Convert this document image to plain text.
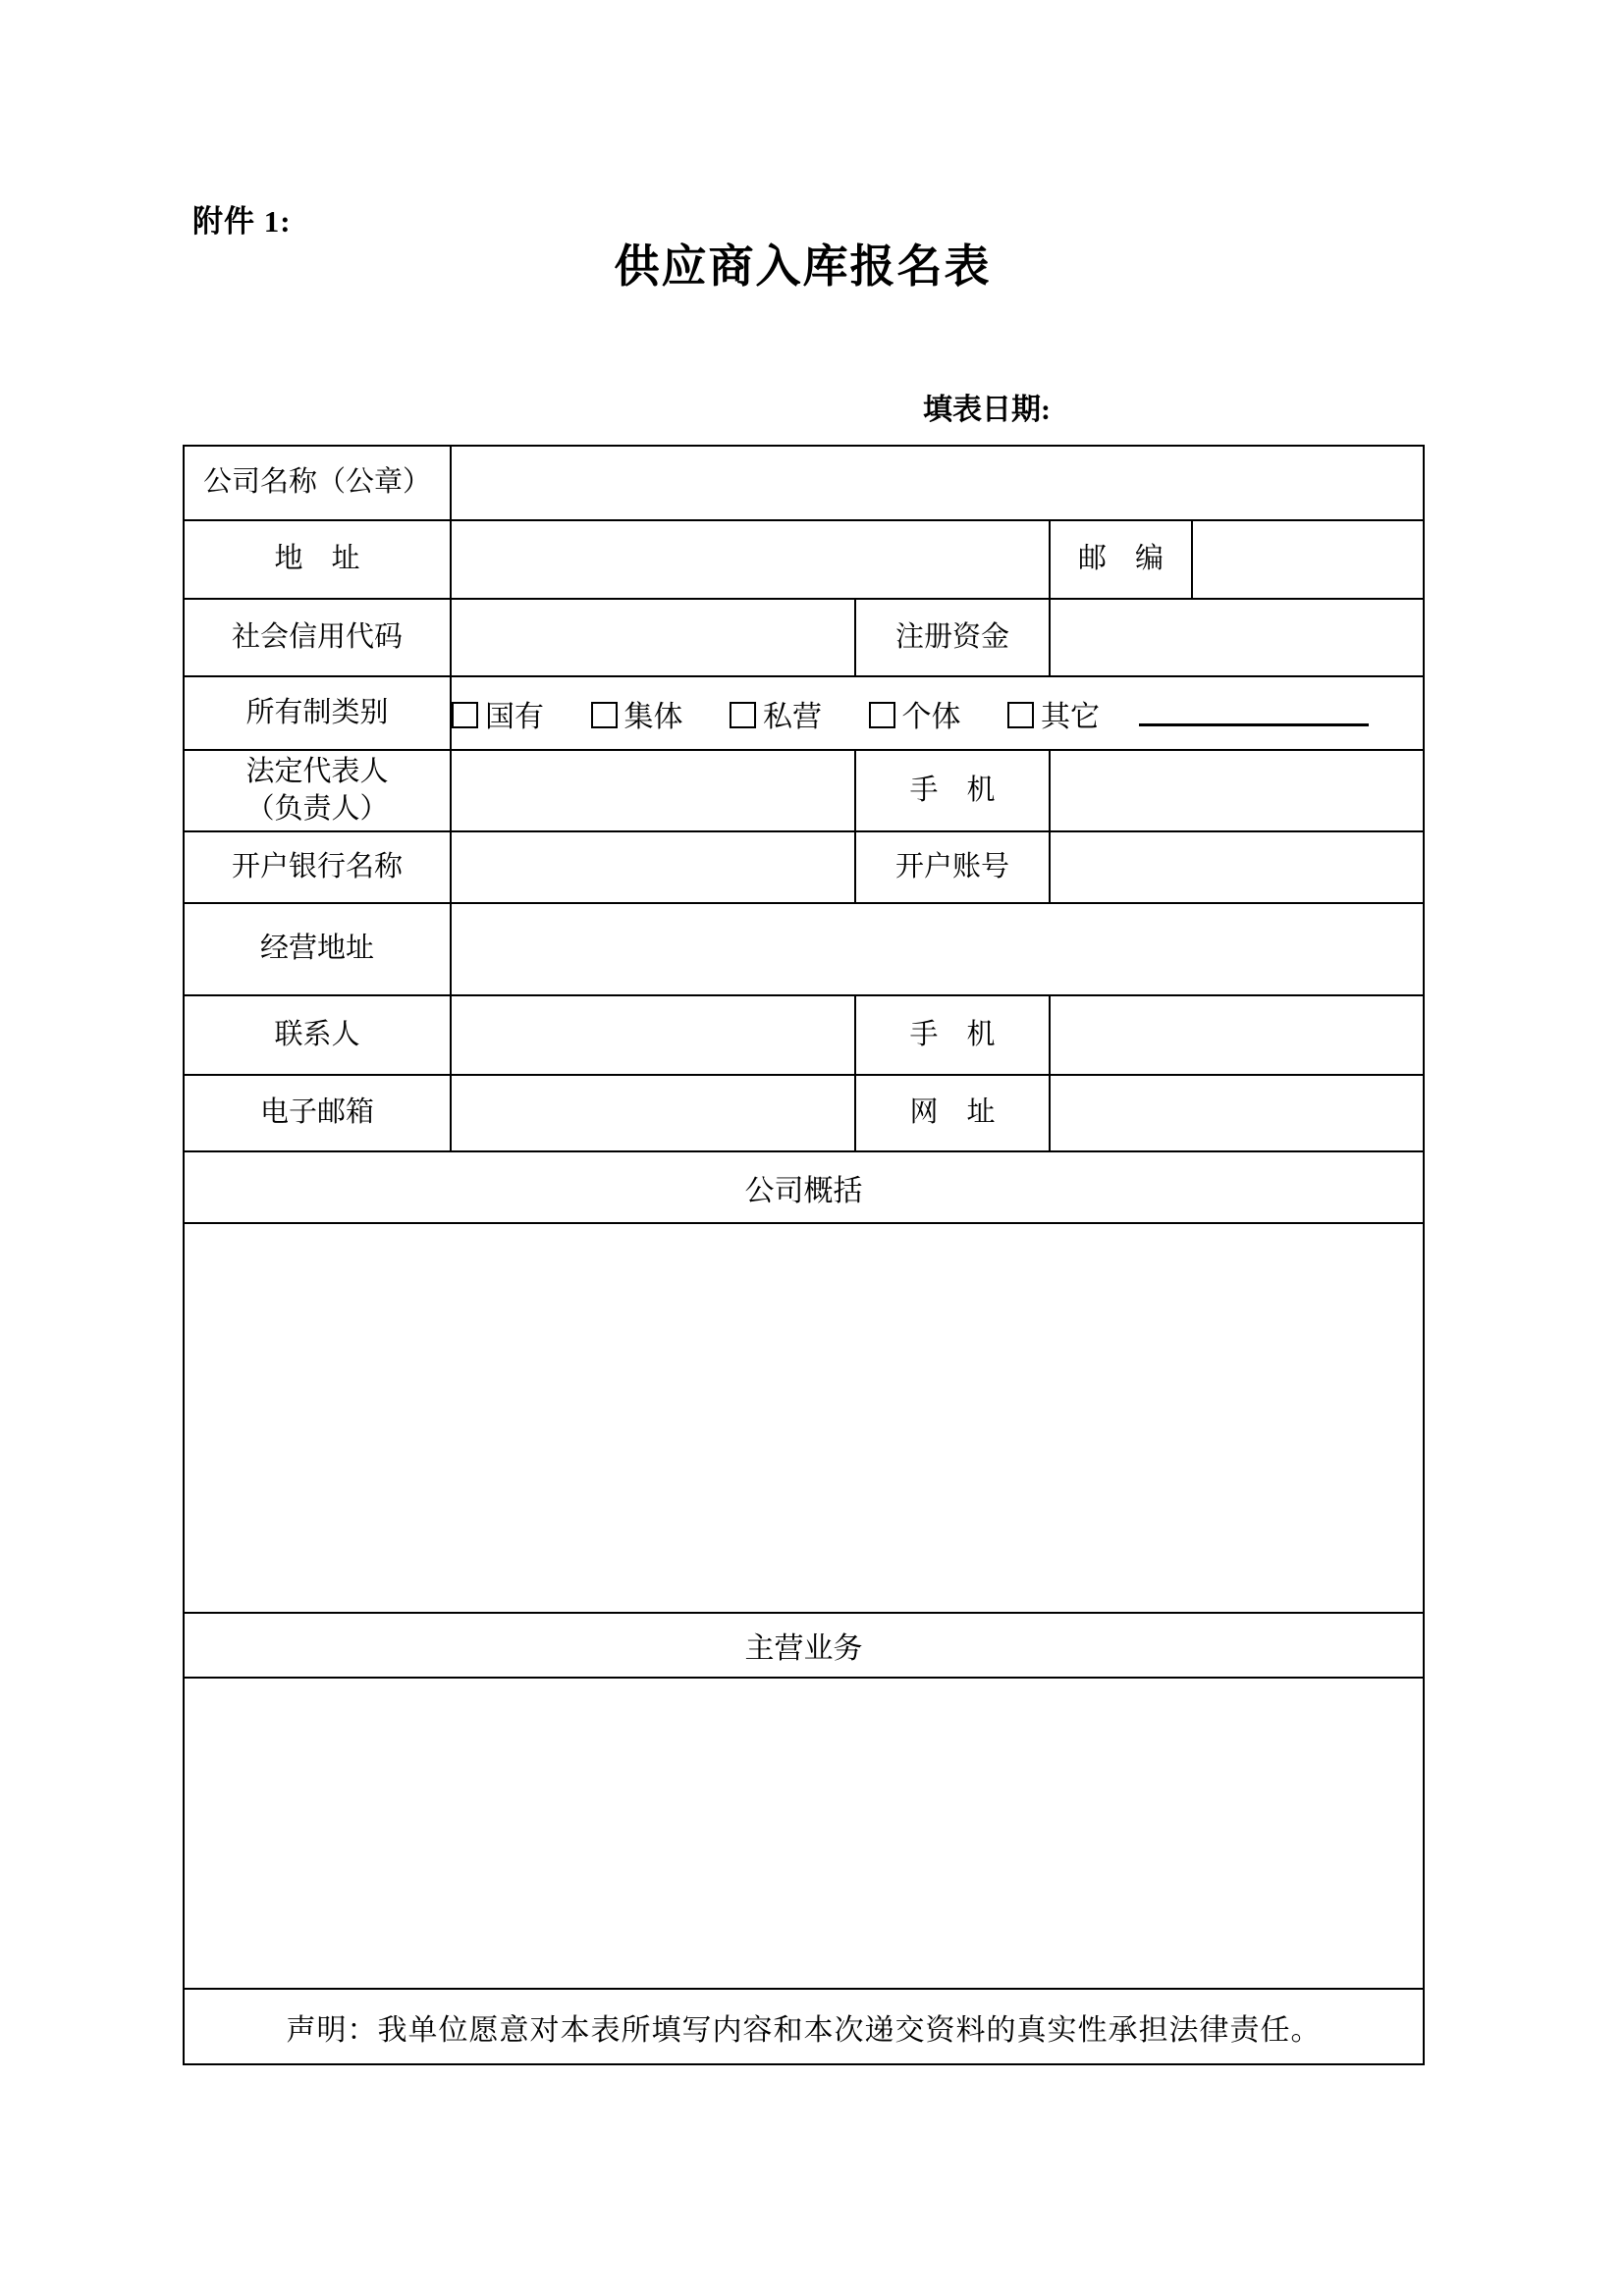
附件 1:
供应商入库报名表
填表日期:
公司名称（公章）				
地　址			邮　编	
社会信用代码		注册资金		
所有制类别	国有 集体 私营 个体 其它			

法定代表人
（负责人）		手　机		
开户银行名称		开户账号		
经营地址				
联系人		手　机		
电子邮箱		网　址		
公司概括				

主营业务				

声明：我单位愿意对本表所填写内容和本次递交资料的真实性承担法律责任。				
